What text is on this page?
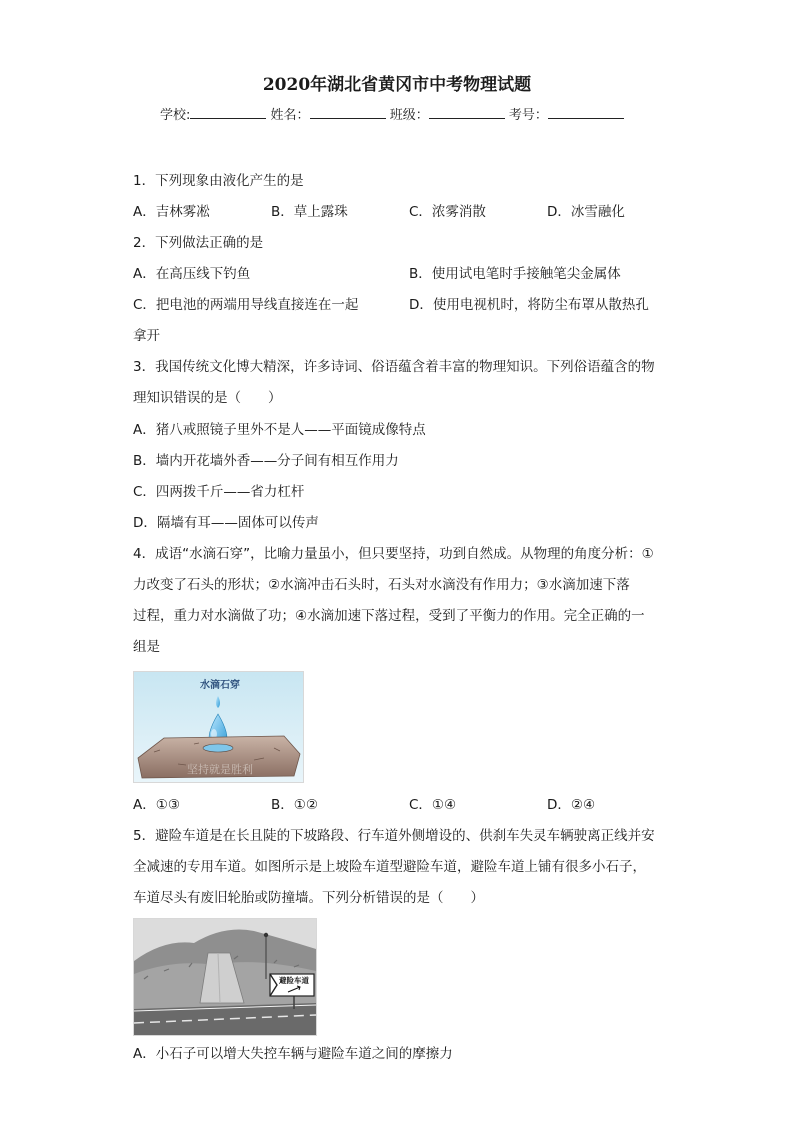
2020年湖北省黄冈市中考物理试题
学校:	姓名：	班级：	考号：
1．下列现象由液化产生的是
A．吉林雾凇	B．草上露珠	C．浓雾消散	D．冰雪融化
2．下列做法正确的是
A．在高压线下钓鱼	B．使用试电笔时手接触笔尖金属体
C．把电池的两端用导线直接连在一起	D．使用电视机时，将防尘布罩从散热孔
拿开
3．我国传统文化博大精深，许多诗词、俗语蕴含着丰富的物理知识。下列俗语蕴含的物
理知识错误的是（　　）
A．猪八戒照镜子里外不是人——平面镜成像特点
B．墙内开花墙外香——分子间有相互作用力
C．四两拨千斤——省力杠杆
D．隔墙有耳——固体可以传声
4．成语“水滴石穿”，比喻力量虽小，但只要坚持，功到自然成。从物理的角度分析：①
力改变了石头的形状；②水滴冲击石头时，石头对水滴没有作用力；③水滴加速下落
过程，重力对水滴做了功；④水滴加速下落过程，受到了平衡力的作用。完全正确的一
组是
水滴石穿
坚持就是胜利
A．①③	B．①②	C．①④	D．②④
5．避险车道是在长且陡的下坡路段、行车道外侧增设的、供刹车失灵车辆驶离正线并安
全减速的专用车道。如图所示是上坡险车道型避险车道，避险车道上铺有很多小石子，
车道尽头有废旧轮胎或防撞墙。下列分析错误的是（　　）
避险车道
A．小石子可以增大失控车辆与避险车道之间的摩擦力
